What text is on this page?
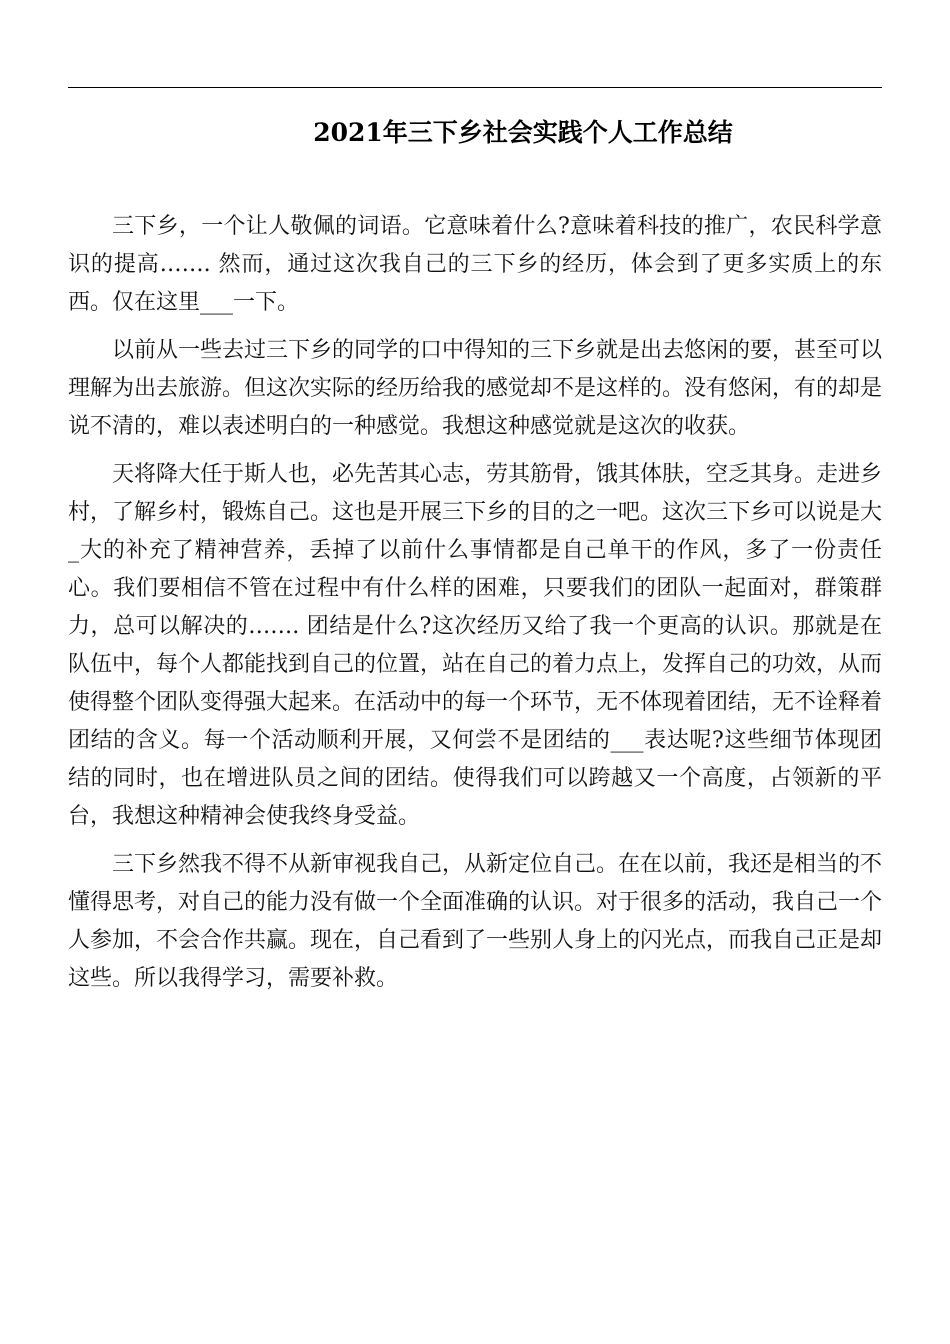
2021年三下乡社会实践个人工作总结

三下乡，一个让人敬佩的词语。它意味着什么?意味着科技的推广，农民科学意识的提高……. 然而，通过这次我自己的三下乡的经历，体会到了更多实质上的东西。仅在这里___一下。

以前从一些去过三下乡的同学的口中得知的三下乡就是出去悠闲的要，甚至可以理解为出去旅游。但这次实际的经历给我的感觉却不是这样的。没有悠闲，有的却是说不清的，难以表述明白的一种感觉。我想这种感觉就是这次的收获。

天将降大任于斯人也，必先苦其心志，劳其筋骨，饿其体肤，空乏其身。走进乡村，了解乡村，锻炼自己。这也是开展三下乡的目的之一吧。这次三下乡可以说是大_大的补充了精神营养，丢掉了以前什么事情都是自己单干的作风，多了一份责任心。我们要相信不管在过程中有什么样的困难，只要我们的团队一起面对，群策群力，总可以解决的……. 团结是什么?这次经历又给了我一个更高的认识。那就是在队伍中，每个人都能找到自己的位置，站在自己的着力点上，发挥自己的功效，从而使得整个团队变得强大起来。在活动中的每一个环节，无不体现着团结，无不诠释着团结的含义。每一个活动顺利开展，又何尝不是团结的___表达呢?这些细节体现团结的同时，也在增进队员之间的团结。使得我们可以跨越又一个高度，占领新的平台，我想这种精神会使我终身受益。

三下乡然我不得不从新审视我自己，从新定位自己。在在以前，我还是相当的不懂得思考，对自己的能力没有做一个全面准确的认识。对于很多的活动，我自己一个人参加，不会合作共赢。现在，自己看到了一些别人身上的闪光点，而我自己正是却这些。所以我得学习，需要补救。
